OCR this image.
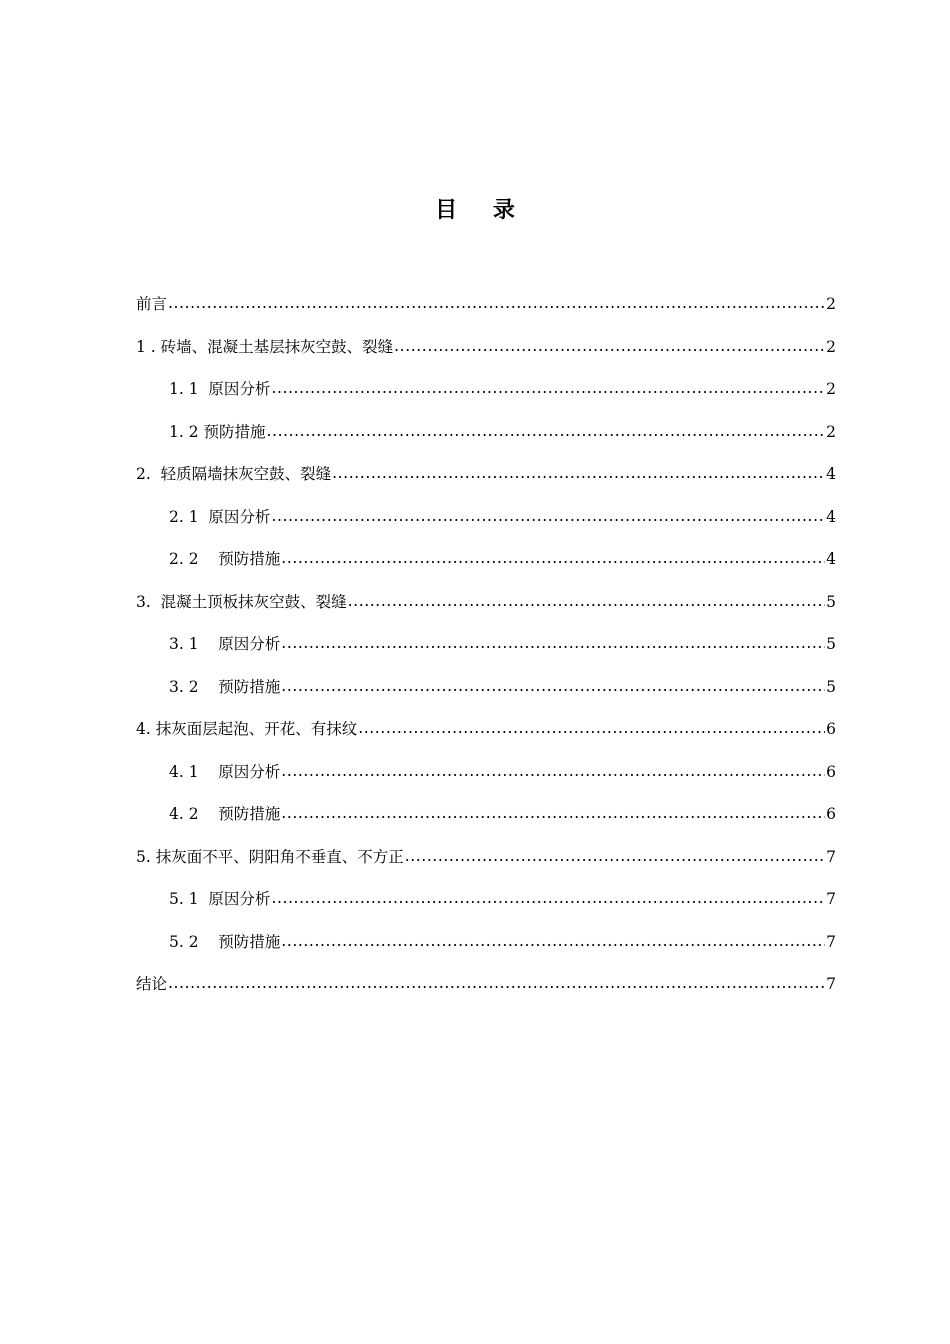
目 录
前言 .....	2
1 . 砖墙、混凝土基层抹灰空鼓、裂缝 .....	2
1. 1  原因分析 .....	2
1. 2 预防措施 .....	2
2.  轻质隔墙抹灰空鼓、裂缝 .....	4
2. 1  原因分析 .....	4
2. 2    预防措施 .....	4
3.  混凝土顶板抹灰空鼓、裂缝 .....	5
3. 1    原因分析 .....	5
3. 2    预防措施 .....	5
4. 抹灰面层起泡、开花、有抹纹 .....	6
4. 1    原因分析 .....	6
4. 2    预防措施 .....	6
5. 抹灰面不平、阴阳角不垂直、不方正 .....	7
5. 1  原因分析 .....	7
5. 2    预防措施 .....	7
结论 .....	7
